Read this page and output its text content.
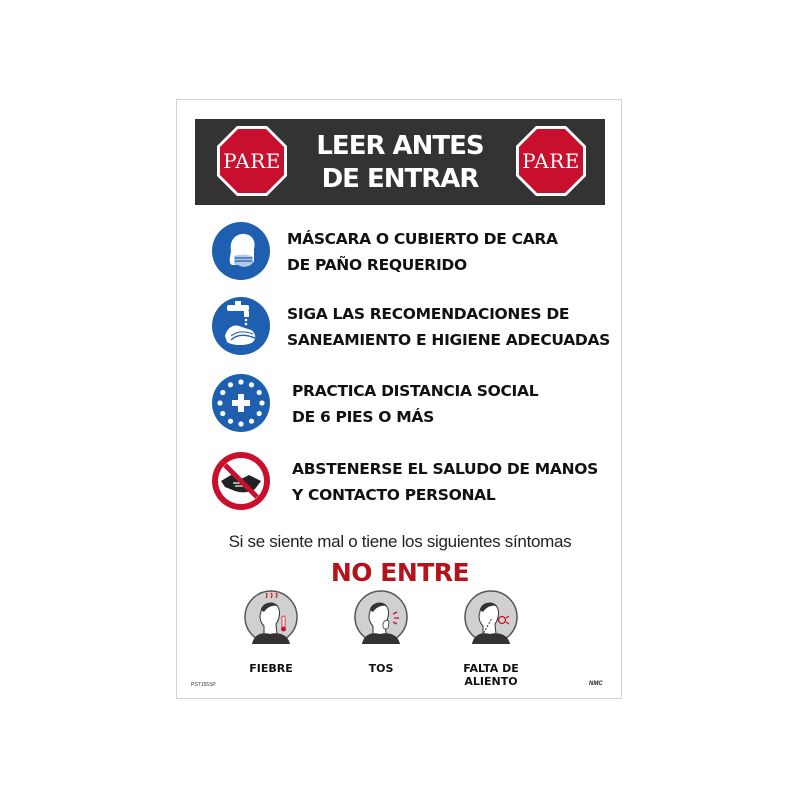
PARE	LEER ANTES
DE ENTRAR
PARE
MÁSCARA O CUBIERTO DE CARA
DE PAÑO REQUERIDO
SIGA LAS RECOMENDACIONES DE
SANEAMIENTO E HIGIENE ADECUADAS
PRACTICA DISTANCIA SOCIAL
DE 6 PIES O MÁS
ABSTENERSE EL SALUDO DE MANOS
Y CONTACTO PERSONAL
Si se siente mal o tiene los siguientes síntomas
NO ENTRE
FIEBRE	TOS	FALTA DE
ALIENTO
PST155SP	NMC
